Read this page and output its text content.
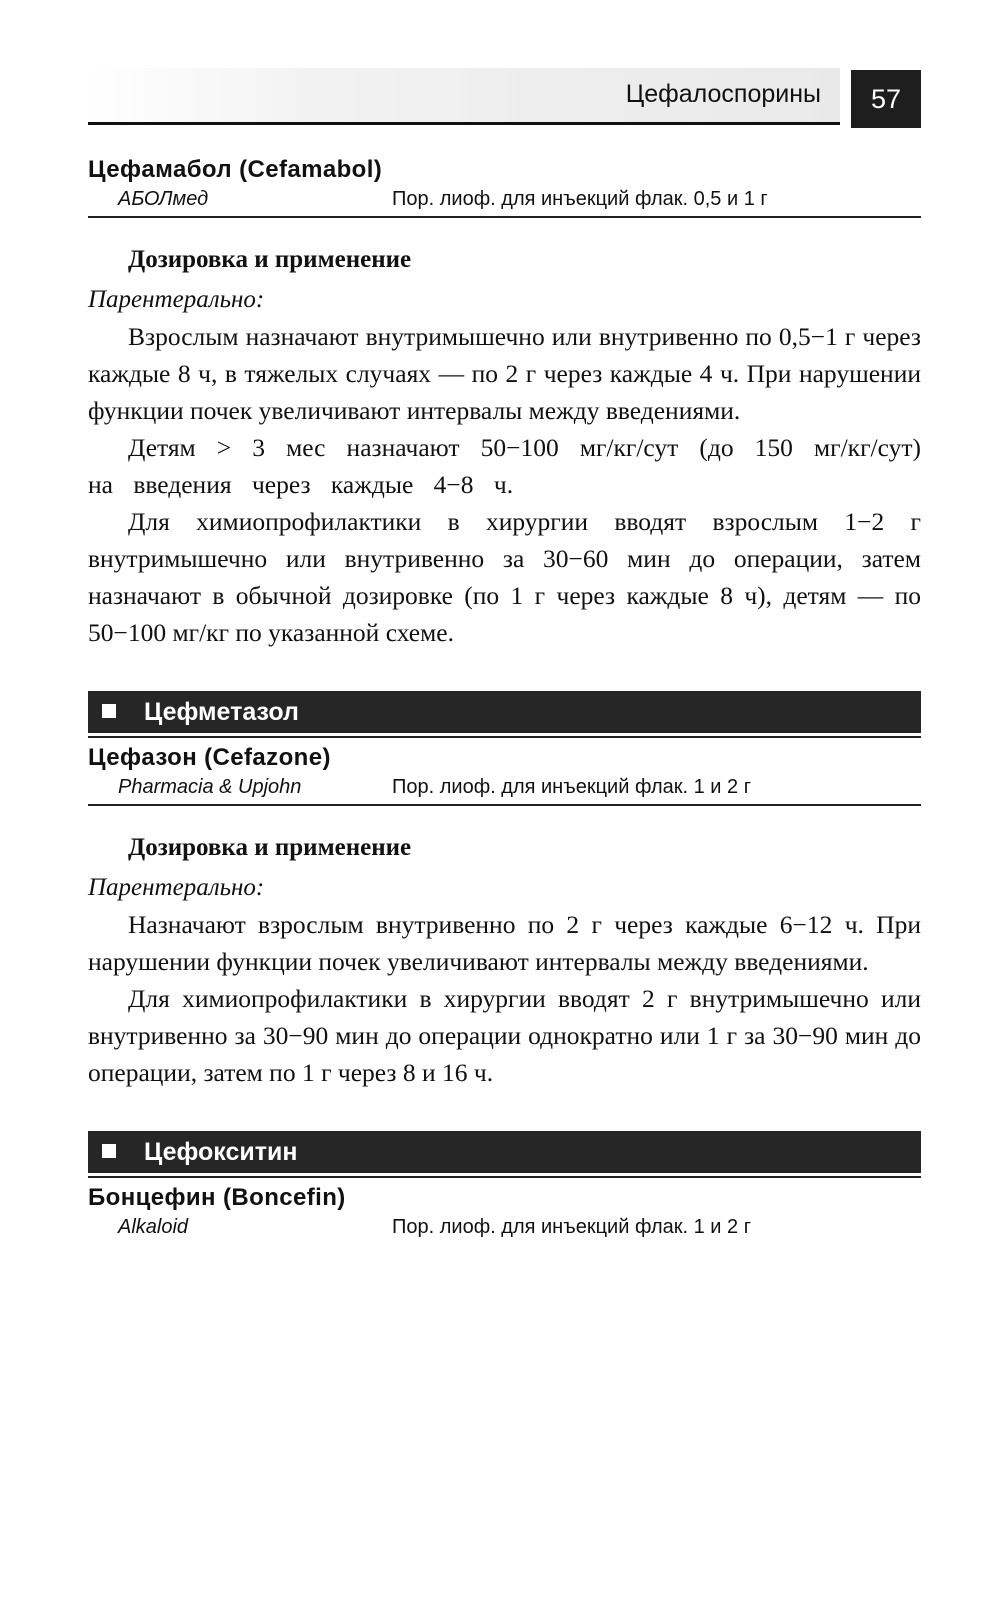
Цефалоспорины	57
Цефамабол (Cefamabol)
АБОЛмед	Пор. лиоф. для инъекций флак. 0,5 и 1 г
Дозировка и применение

Парентерально:

Взрослым назначают внутримышечно или внутривенно по 0,5−1 г через каждые 8 ч, в тяжелых случаях — по 2 г через каждые 4 ч. При нарушении функции почек увеличивают интервалы между введениями.

Детям > 3 мес назначают 50−100 мг/кг/сут (до 150 мг/кг/сут) на введения через каждые 4−8 ч.

Для химиопрофилактики в хирургии вводят взрослым 1−2 г внутримышечно или внутривенно за 30−60 мин до операции, затем назначают в обычной дозировке (по 1 г через каждые 8 ч), детям — по 50−100 мг/кг по указанной схеме.

Цефметазол
Цефазон (Cefazone)
Pharmacia & Upjohn	Пор. лиоф. для инъекций флак. 1 и 2 г
Дозировка и применение

Парентерально:

Назначают взрослым внутривенно по 2 г через каждые 6−12 ч. При нарушении функции почек увеличивают интервалы между введениями.

Для химиопрофилактики в хирургии вводят 2 г внутримышечно или внутривенно за 30−90 мин до операции однократно или 1 г за 30−90 мин до операции, затем по 1 г через 8 и 16 ч.

Цефокситин
Бонцефин (Boncefin)
Alkaloid	Пор. лиоф. для инъекций флак. 1 и 2 г
